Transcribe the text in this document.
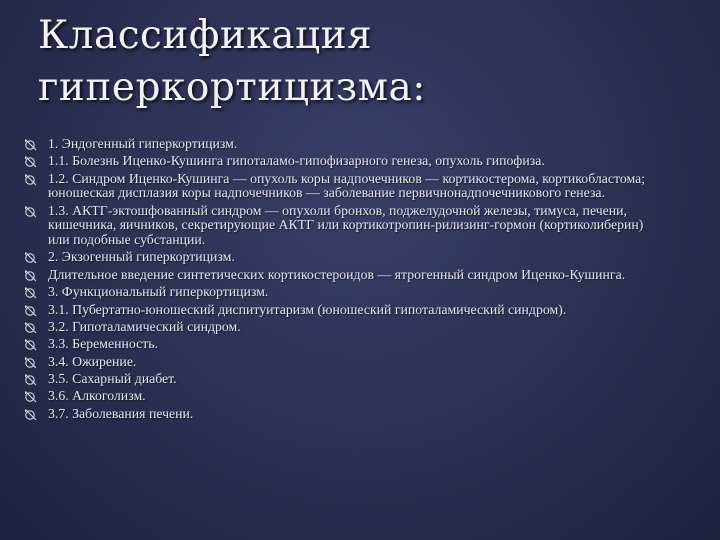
Классификация
гиперкортицизма:
1. Эндогенный гиперкортицизм.
1.1. Болезнь Иценко-Кушинга гипоталамо-гипофизарного генеза, опухоль гипофиза.
1.2. Синдром Иценко-Кушинга — опухоль коры надпочечников — кортикостерома, кортикобластома; юношеская дисплазия коры надпочечников — заболевание первичнонадпочечникового генеза.
1.3. АКТГ-эктошфованный синдром — опухоли бронхов, поджелудочной железы, тимуса, печени, кишечника, яичников, секретирующие АКТГ или кортикотропин-рилизинг-гормон (кортиколиберин) или подобные субстанции.
2. Экзогенный гиперкортицизм.
Длительное введение синтетических кортикостероидов — ятрогенный синдром Иценко-Кушинга.
3. Функциональный гиперкортицизм.
3.1. Пубертатно-юношеский диспитуитаризм (юношеский гипоталамический синдром).
3.2. Гипоталамический синдром.
3.3. Беременность.
3.4. Ожирение.
3.5. Сахарный диабет.
3.6. Алкоголизм.
3.7. Заболевания печени.
